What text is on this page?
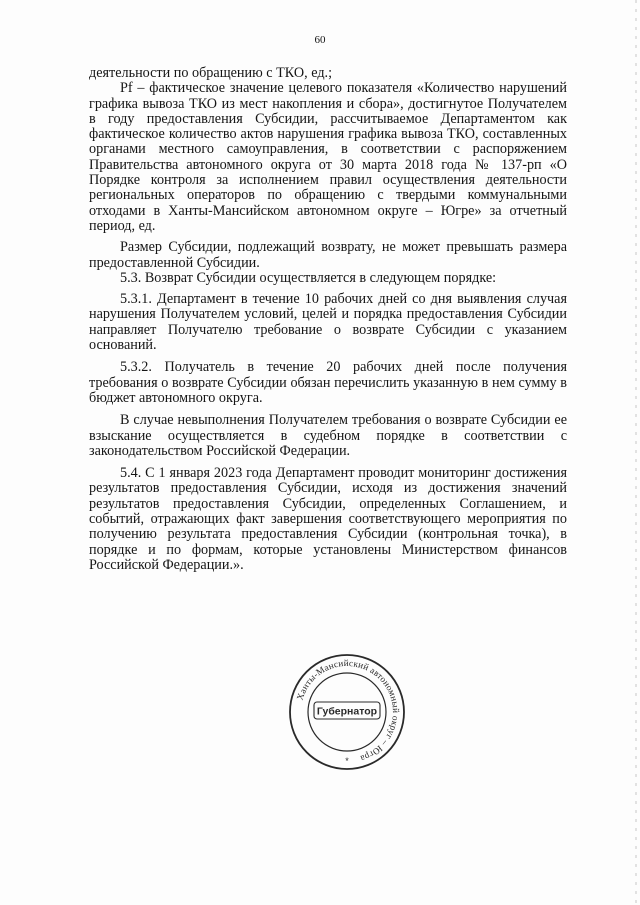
60

деятельности по обращению с ТКО, ед.;

Pf – фактическое значение целевого показателя «Количество нарушений графика вывоза ТКО из мест накопления и сбора», достигнутое Получателем в году предоставления Субсидии, рассчитываемое Департаментом как фактическое количество актов нарушения графика вывоза ТКО, составленных органами местного самоуправления, в соответствии с распоряжением Правительства автономного округа от 30 марта 2018 года № 137-рп «О Порядке контроля за исполнением правил осуществления деятельности региональных операторов по обращению с твердыми коммунальными отходами в Ханты-Мансийском автономном округе – Югре» за отчетный период, ед.

Размер Субсидии, подлежащий возврату, не может превышать размера предоставленной Субсидии.

5.3. Возврат Субсидии осуществляется в следующем порядке:

5.3.1. Департамент в течение 10 рабочих дней со дня выявления случая нарушения Получателем условий, целей и порядка предоставления Субсидии направляет Получателю требование о возврате Субсидии с указанием оснований.

5.3.2. Получатель в течение 20 рабочих дней после получения требования о возврате Субсидии обязан перечислить указанную в нем сумму в бюджет автономного округа.

В случае невыполнения Получателем требования о возврате Субсидии ее взыскание осуществляется в судебном порядке в соответствии с законодательством Российской Федерации.

5.4. С 1 января 2023 года Департамент проводит мониторинг достижения результатов предоставления Субсидии, исходя из достижения значений результатов предоставления Субсидии, определенных Соглашением, и событий, отражающих факт завершения соответствующего мероприятия по получению результата предоставления Субсидии (контрольная точка), в порядке и по формам, которые установлены Министерством финансов Российской Федерации.».

Ханты-Мансийский автономный округ – Югра
Губернатор
*
